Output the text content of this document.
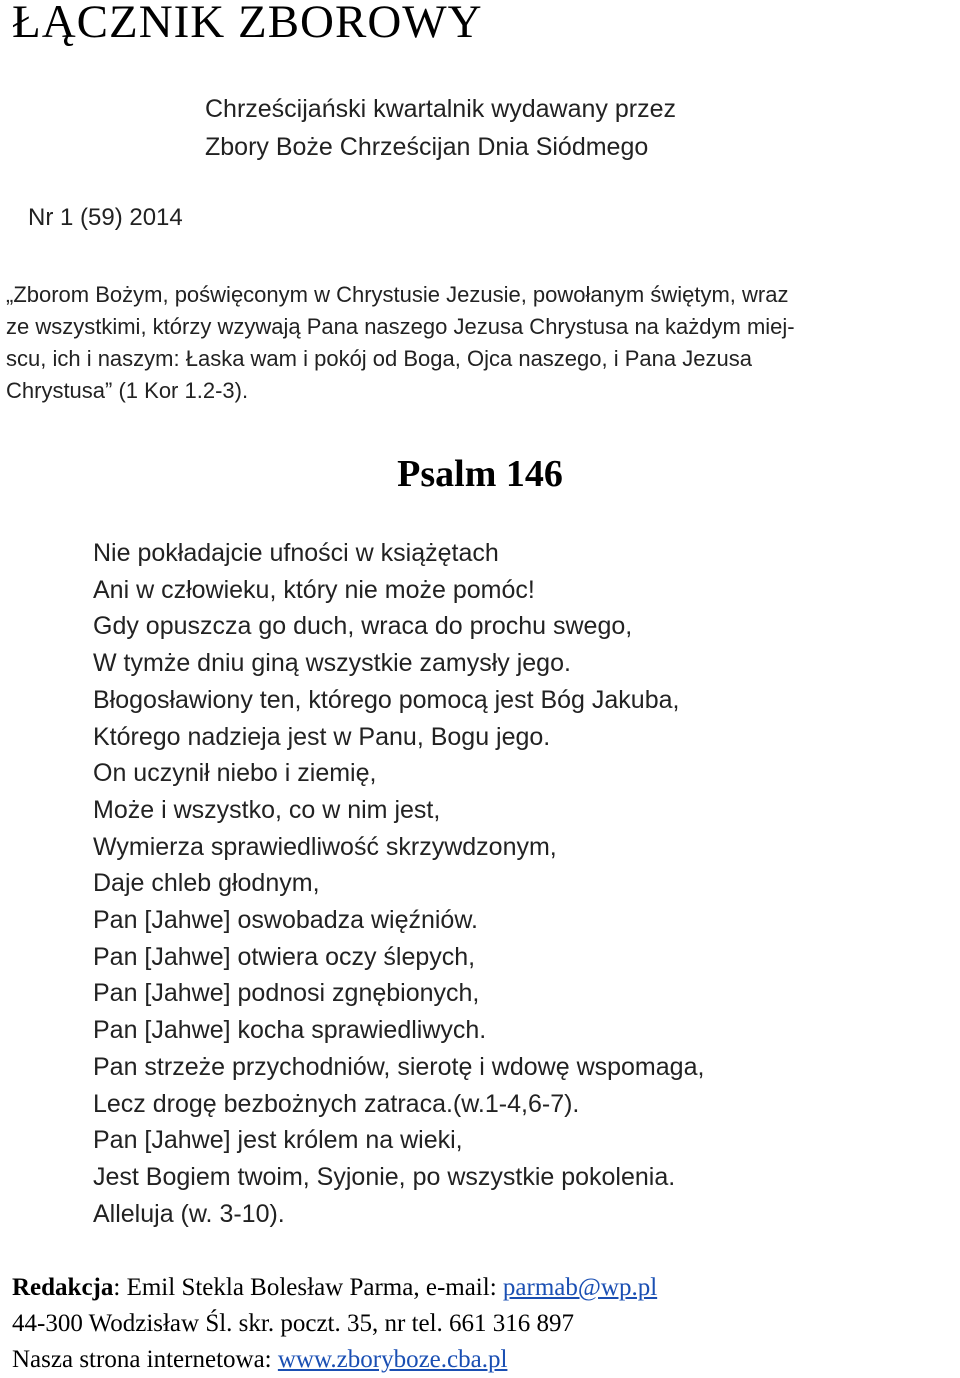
ŁĄCZNIK ZBOROWY
Chrześcijański kwartalnik wydawany przez
Zbory Boże Chrześcijan Dnia Siódmego
Nr 1 (59) 2014
„Zborom Bożym, poświęconym w Chrystusie Jezusie, powołanym świętym, wraz
ze wszystkimi, którzy wzywają Pana naszego Jezusa Chrystusa na każdym miej-
scu, ich i naszym: Łaska wam i pokój od Boga, Ojca naszego, i Pana Jezusa
Chrystusa” (1 Kor 1.2-3).
Psalm 146
Nie pokładajcie ufności w książętach
Ani w człowieku, który nie może pomóc!
Gdy opuszcza go duch, wraca do prochu swego,
W tymże dniu giną wszystkie zamysły jego.
Błogosławiony ten, którego pomocą jest Bóg Jakuba,
Którego nadzieja jest w Panu, Bogu jego.
On uczynił niebo i ziemię,
Może i wszystko, co w nim jest,
Wymierza sprawiedliwość skrzywdzonym,
Daje chleb głodnym,
Pan [Jahwe] oswobadza więźniów.
Pan [Jahwe] otwiera oczy ślepych,
Pan [Jahwe] podnosi zgnębionych,
Pan [Jahwe] kocha sprawiedliwych.
Pan strzeże przychodniów, sierotę i wdowę wspomaga,
Lecz drogę bezbożnych zatraca.(w.1-4,6-7).
Pan [Jahwe] jest królem na wieki,
Jest Bogiem twoim, Syjonie, po wszystkie pokolenia.
Alleluja (w. 3-10).
Redakcja: Emil Stekla Bolesław Parma, e-mail: parmab@wp.pl
44-300 Wodzisław Śl. skr. poczt. 35, nr tel. 661 316 897
Nasza strona internetowa: www.zboryboze.cba.pl
